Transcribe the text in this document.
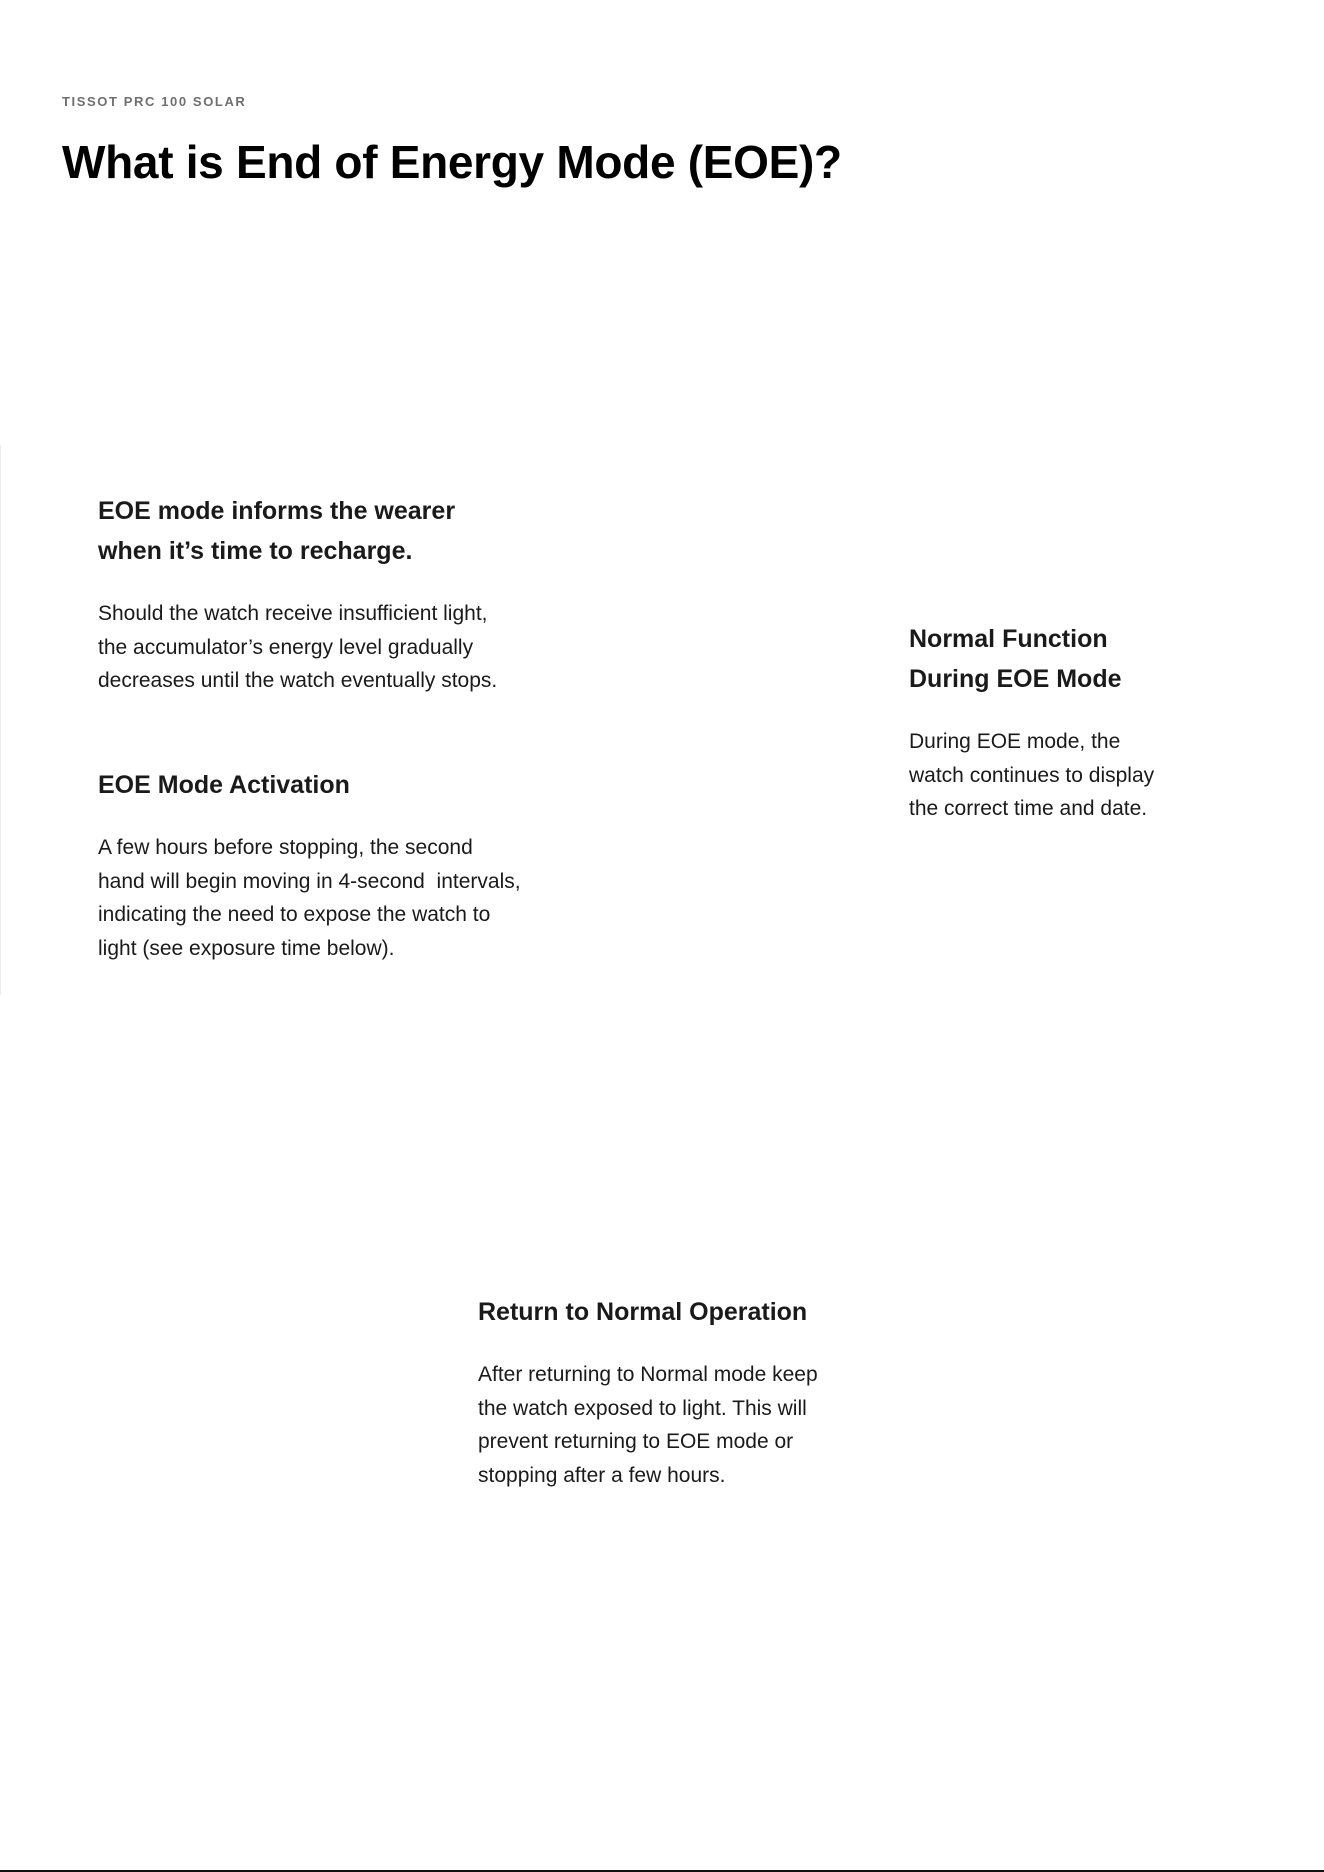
TISSOT PRC 100 SOLAR

What is End of Energy Mode (EOE)?
EOE mode informs the wearer
when it’s time to recharge.

Should the watch receive insufficient light,
the accumulator’s energy level gradually
decreases until the watch eventually stops.

EOE Mode Activation

A few hours before stopping, the second
hand will begin moving in 4-second  intervals,
indicating the need to expose the watch to
light (see exposure time below).

Normal Function
During EOE Mode

During EOE mode, the
watch continues to display
the correct time and date.

Return to Normal Operation

After returning to Normal mode keep
the watch exposed to light. This will
prevent returning to EOE mode or
stopping after a few hours.
